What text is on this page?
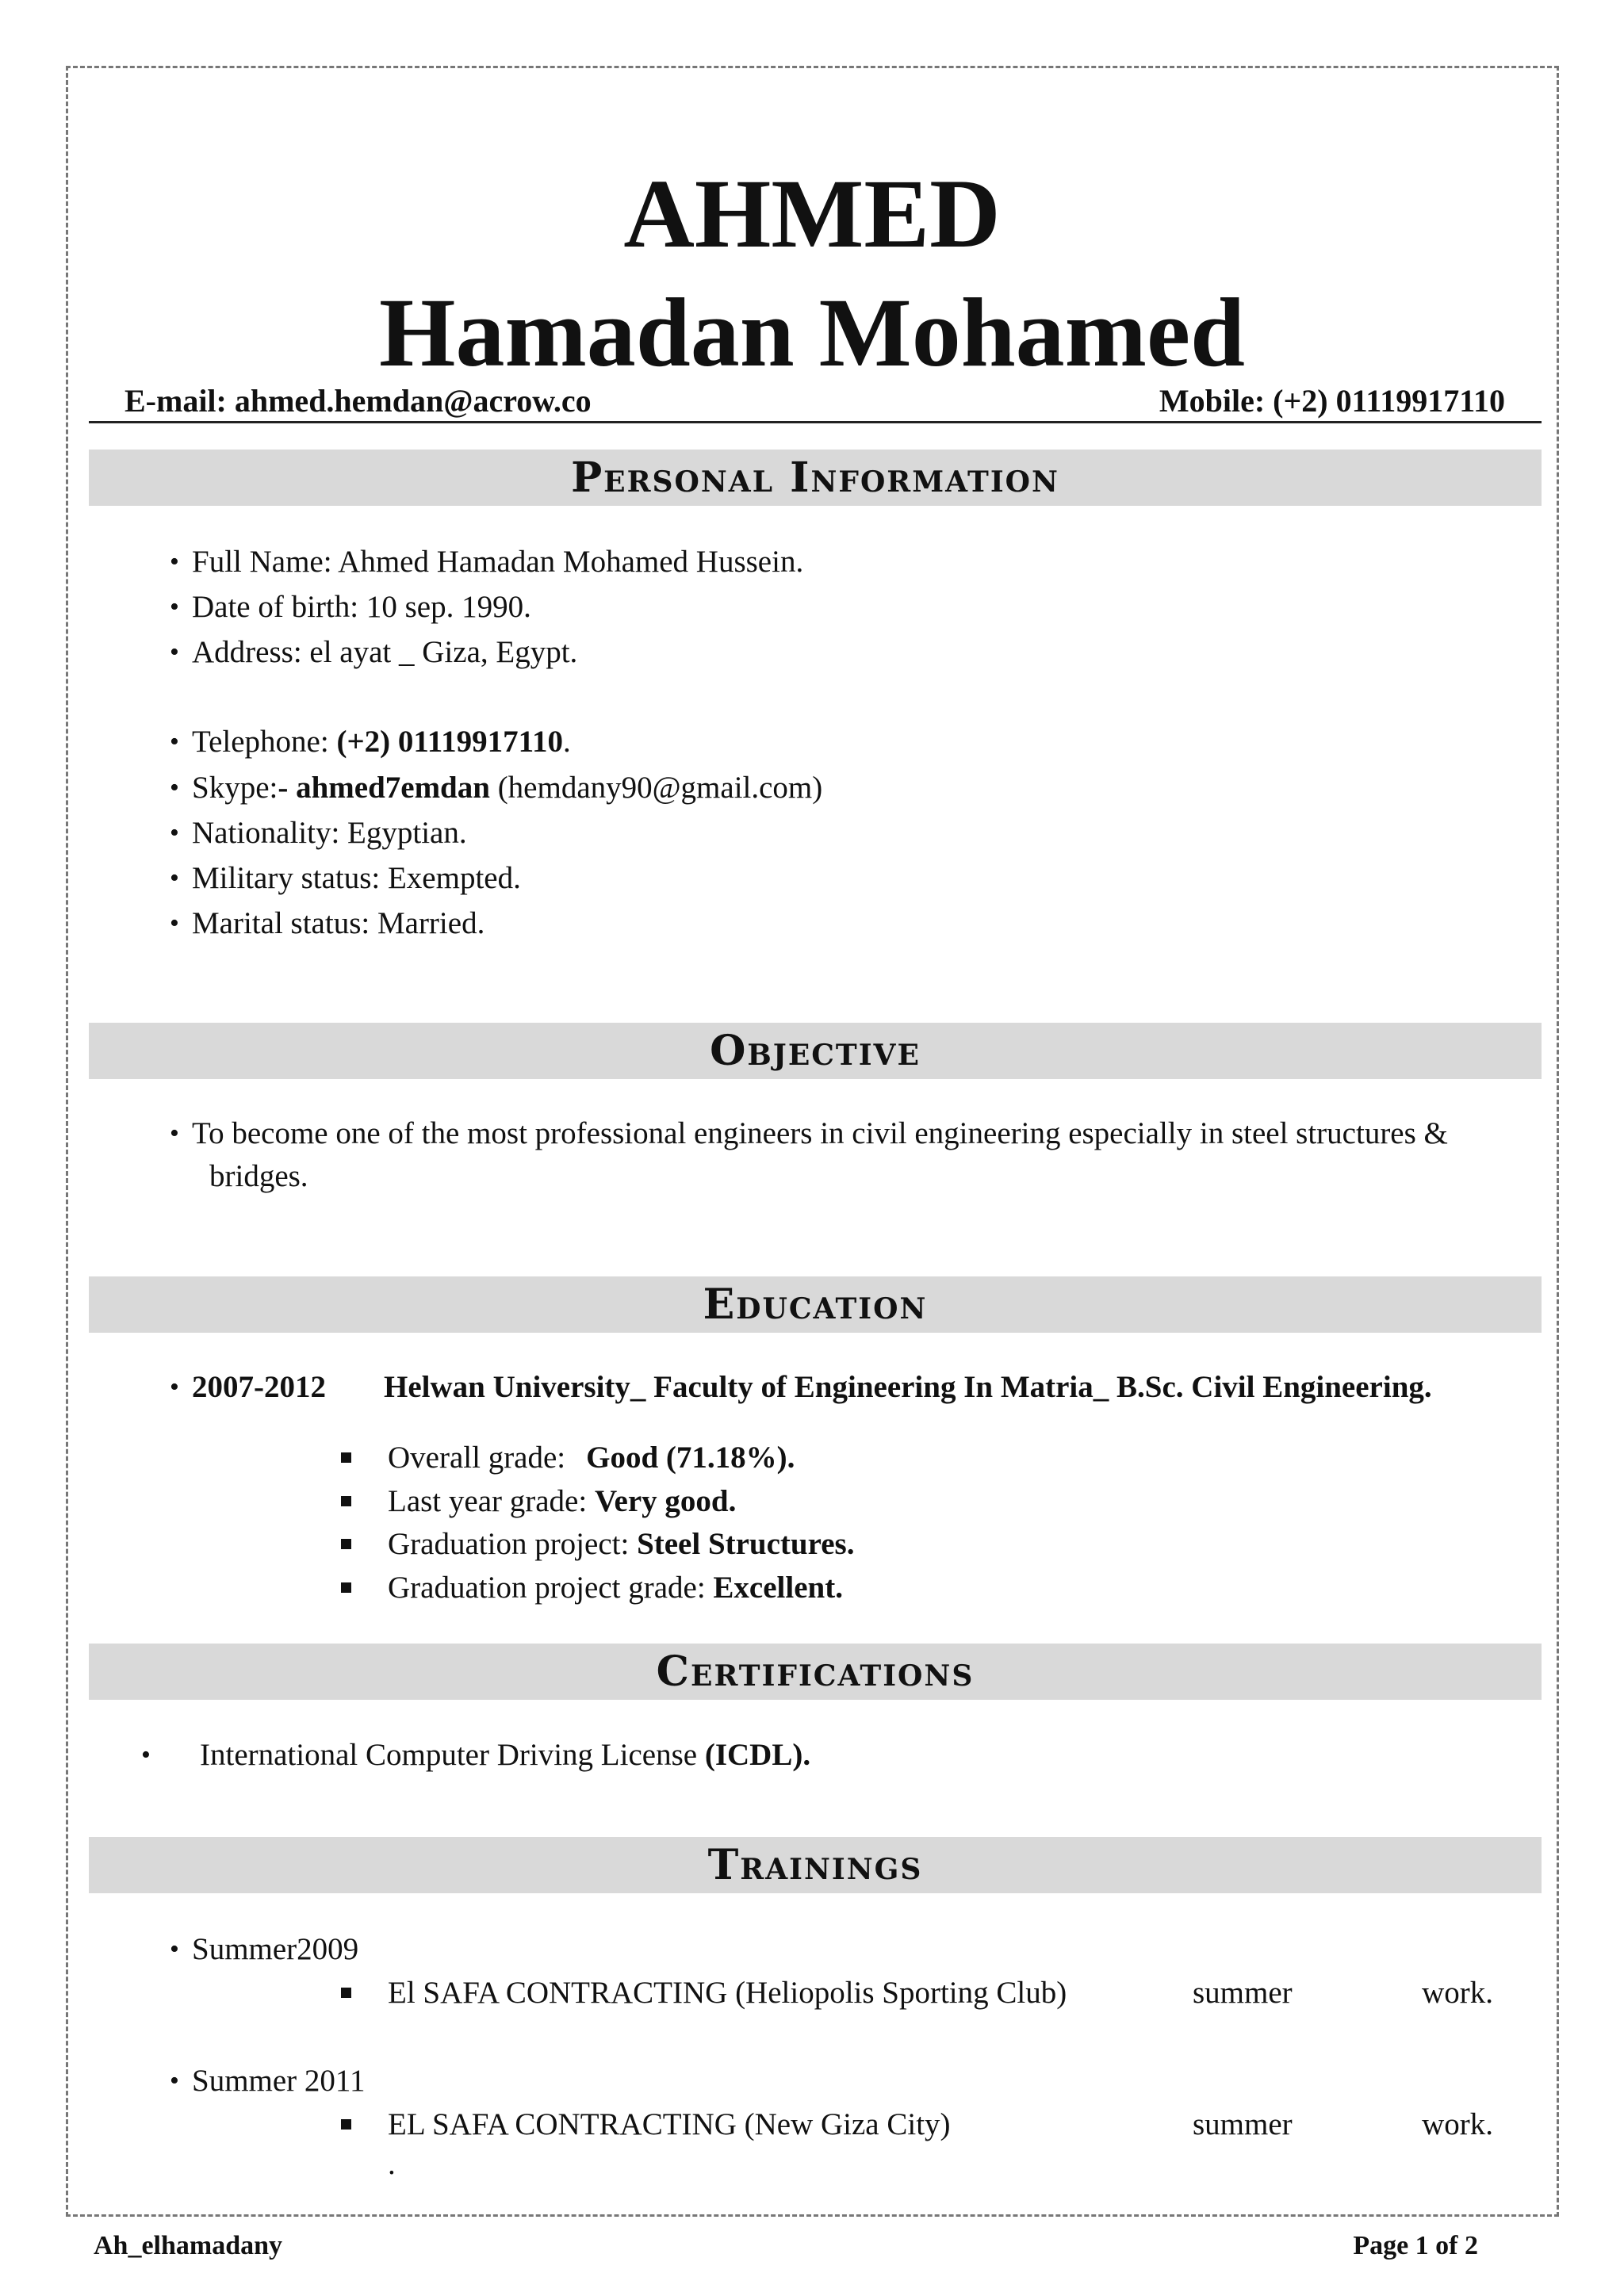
AHMED
Hamadan Mohamed
E-mail: ahmed.hemdan@acrow.co	Mobile: (+2) 01119917110
Personal Information
• Full Name: Ahmed Hamadan Mohamed Hussein.
• Date of birth: 10 sep. 1990.
• Address: el ayat _ Giza, Egypt.
• Telephone: (+2) 01119917110.
• Skype:- ahmed7emdan (hemdany90@gmail.com)
• Nationality: Egyptian.
• Military status: Exempted.
• Marital status: Married.
Objective
• To become one of the most professional engineers in civil engineering especially in steel structures &
bridges.
Education
• 2007-2012 Helwan University_ Faculty of Engineering In Matria_ B.Sc. Civil Engineering.
Overall grade: Good (71.18%).
Last year grade: Very good.
Graduation project: Steel Structures.
Graduation project grade: Excellent.
Certifications
• International Computer Driving License (ICDL).
Trainings
• Summer2009
El SAFA CONTRACTING (Heliopolis Sporting Club)	summer	work.
• Summer 2011
EL SAFA CONTRACTING (New Giza City)	summer	work.
.
Ah_elhamadany	Page 1 of 2
